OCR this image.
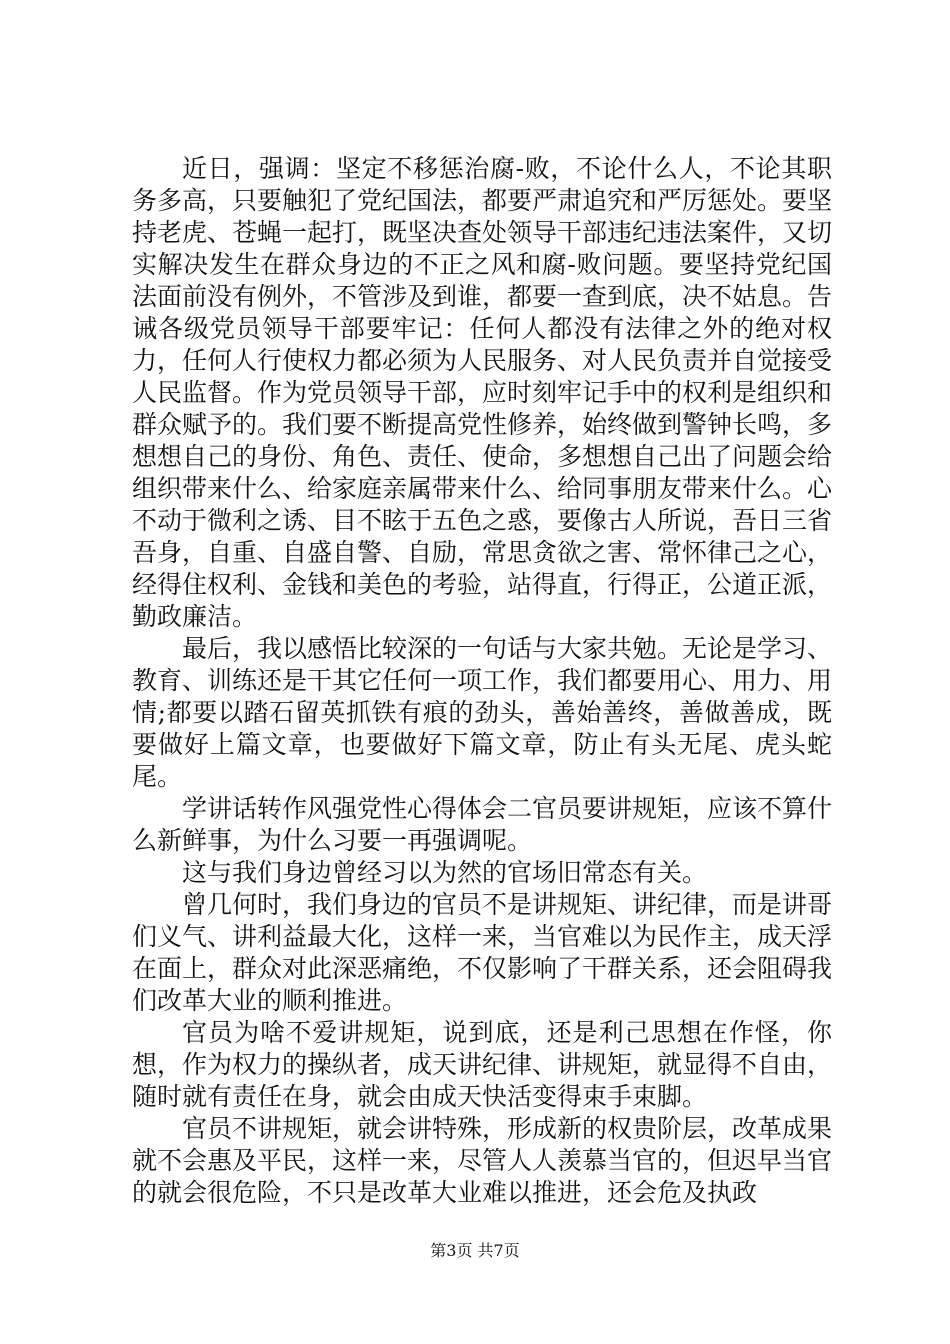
近日，强调：坚定不移惩治腐-败，不论什么人，不论其职务多高，只要触犯了党纪国法，都要严肃追究和严厉惩处。要坚持老虎、苍蝇一起打，既坚决查处领导干部违纪违法案件，又切实解决发生在群众身边的不正之风和腐-败问题。要坚持党纪国法面前没有例外，不管涉及到谁，都要一查到底，决不姑息。告诫各级党员领导干部要牢记：任何人都没有法律之外的绝对权力，任何人行使权力都必须为人民服务、对人民负责并自觉接受人民监督。作为党员领导干部，应时刻牢记手中的权利是组织和群众赋予的。我们要不断提高党性修养，始终做到警钟长鸣，多想想自己的身份、角色、责任、使命，多想想自己出了问题会给组织带来什么、给家庭亲属带来什么、给同事朋友带来什么。心不动于微利之诱、目不眩于五色之惑，要像古人所说，吾日三省吾身，自重、自盛自警、自励，常思贪欲之害、常怀律己之心，经得住权利、金钱和美色的考验，站得直，行得正，公道正派，勤政廉洁。

最后，我以感悟比较深的一句话与大家共勉。无论是学习、教育、训练还是干其它任何一项工作，我们都要用心、用力、用情;都要以踏石留英抓铁有痕的劲头，善始善终，善做善成，既要做好上篇文章，也要做好下篇文章，防止有头无尾、虎头蛇尾。

学讲话转作风强党性心得体会二官员要讲规矩，应该不算什么新鲜事，为什么习要一再强调呢。

这与我们身边曾经习以为然的官场旧常态有关。

曾几何时，我们身边的官员不是讲规矩、讲纪律，而是讲哥们义气、讲利益最大化，这样一来，当官难以为民作主，成天浮在面上，群众对此深恶痛绝，不仅影响了干群关系，还会阻碍我们改革大业的顺利推进。

官员为啥不爱讲规矩，说到底，还是利己思想在作怪，你想，作为权力的操纵者，成天讲纪律、讲规矩，就显得不自由，随时就有责任在身，就会由成天快活变得束手束脚。

官员不讲规矩，就会讲特殊，形成新的权贵阶层，改革成果就不会惠及平民，这样一来，尽管人人羡慕当官的，但迟早当官的就会很危险，不只是改革大业难以推进，还会危及执政

第3页 共7页
